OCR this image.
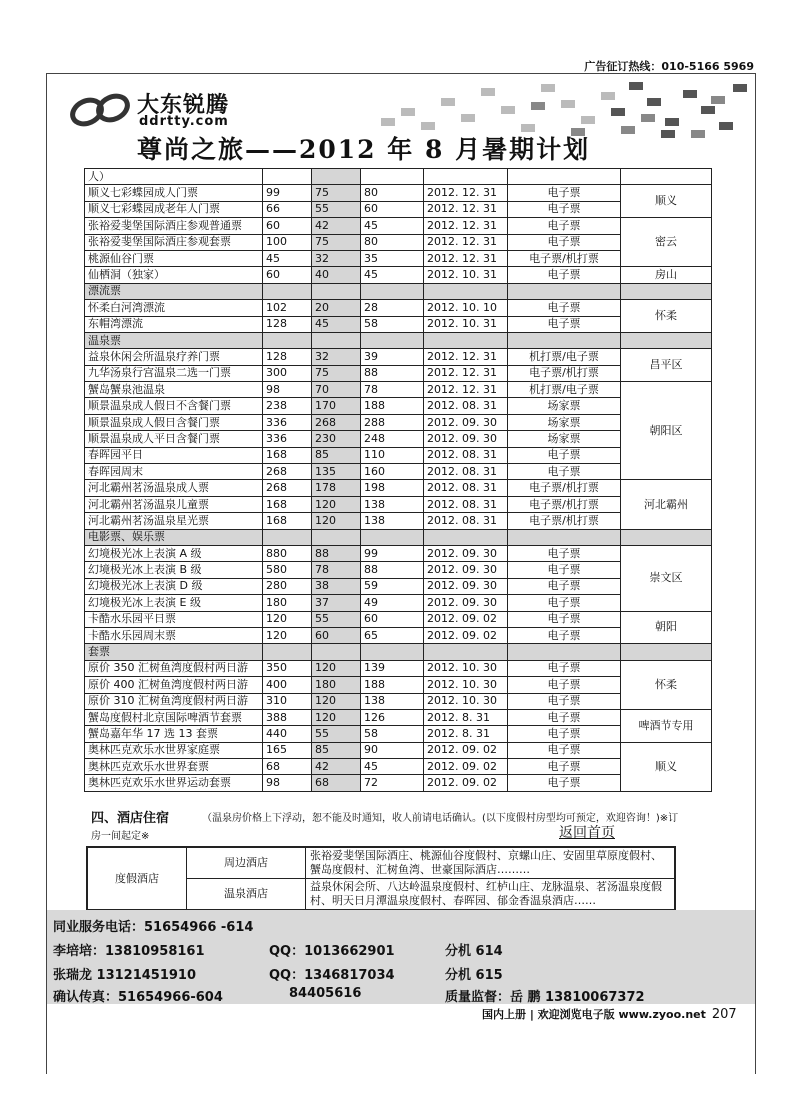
广告征订热线：010-5166 5969
大东锐腾
ddrtty.com
尊尚之旅——2012 年 8 月暑期计划
人）						
顺义七彩蝶园成人门票	99	75	80	2012. 12. 31	电子票	顺义
顺义七彩蝶园成老年人门票	66	55	60	2012. 12. 31	电子票	
张裕爱斐堡国际酒庄参观普通票	60	42	45	2012. 12. 31	电子票	密云
张裕爱斐堡国际酒庄参观套票	100	75	80	2012. 12. 31	电子票	
桃源仙谷门票	45	32	35	2012. 12. 31	电子票/机打票	
仙栖洞（独家）	60	40	45	2012. 10. 31	电子票	房山
漂流票						
怀柔白河湾漂流	102	20	28	2012. 10. 10	电子票	怀柔
东帽湾漂流	128	45	58	2012. 10. 31	电子票	
温泉票						
益泉休闲会所温泉疗养门票	128	32	39	2012. 12. 31	机打票/电子票	昌平区
九华汤泉行宫温泉二选一门票	300	75	88	2012. 12. 31	电子票/机打票	
蟹岛蟹泉池温泉	98	70	78	2012. 12. 31	机打票/电子票	朝阳区
顺景温泉成人假日不含餐门票	238	170	188	2012. 08. 31	场家票	
顺景温泉成人假日含餐门票	336	268	288	2012. 09. 30	场家票	
顺景温泉成人平日含餐门票	336	230	248	2012. 09. 30	场家票	
春晖园平日	168	85	110	2012. 08. 31	电子票	
春晖园周末	268	135	160	2012. 08. 31	电子票	
河北霸州茗汤温泉成人票	268	178	198	2012. 08. 31	电子票/机打票	河北霸州
河北霸州茗汤温泉儿童票	168	120	138	2012. 08. 31	电子票/机打票	
河北霸州茗汤温泉星光票	168	120	138	2012. 08. 31	电子票/机打票	
电影票、娱乐票						
幻境极光冰上表演 A 级	880	88	99	2012. 09. 30	电子票	崇文区
幻境极光冰上表演 B 级	580	78	88	2012. 09. 30	电子票	
幻境极光冰上表演 D 级	280	38	59	2012. 09. 30	电子票	
幻境极光冰上表演 E 级	180	37	49	2012. 09. 30	电子票	
卡酷水乐园平日票	120	55	60	2012. 09. 02	电子票	朝阳
卡酷水乐园周末票	120	60	65	2012. 09. 02	电子票	
套票						
原价 350 汇树鱼湾度假村两日游	350	120	139	2012. 10. 30	电子票	怀柔
原价 400 汇树鱼湾度假村两日游	400	180	188	2012. 10. 30	电子票	
原价 310 汇树鱼湾度假村两日游	310	120	138	2012. 10. 30	电子票	
蟹岛度假村北京国际啤酒节套票	388	120	126	2012. 8. 31	电子票	啤酒节专用
蟹岛嘉年华 17 选 13 套票	440	55	58	2012. 8. 31	电子票	
奥林匹克欢乐水世界家庭票	165	85	90	2012. 09. 02	电子票	顺义
奥林匹克欢乐水世界套票	68	42	45	2012. 09. 02	电子票	
奥林匹克欢乐水世界运动套票	98	68	72	2012. 09. 02	电子票	
四、酒店住宿	（温泉房价格上下浮动，恕不能及时通知，收人前请电话确认。(以下度假村房型均可预定，欢迎咨询！)※订
房一间起定※	返回首页
度假酒店	周边酒店	张裕爱斐堡国际酒庄、桃源仙谷度假村、京螺山庄、安固里草原度假村、蟹岛度假村、汇树鱼湾、世豪国际酒店………
	温泉酒店	益泉休闲会所、八达岭温泉度假村、红栌山庄、龙脉温泉、茗汤温泉度假村、明天日月潭温泉度假村、春晖园、郁金香温泉酒店……
同业服务电话：51654966 -614
李培培：13810958161	QQ：1013662901	分机 614
张瑞龙 13121451910	QQ：1346817034	分机 615
确认传真：51654966-604	84405616	质量监督：岳 鹏 13810067372
国内上册 | 欢迎浏览电子版 www.zyoo.net 207
